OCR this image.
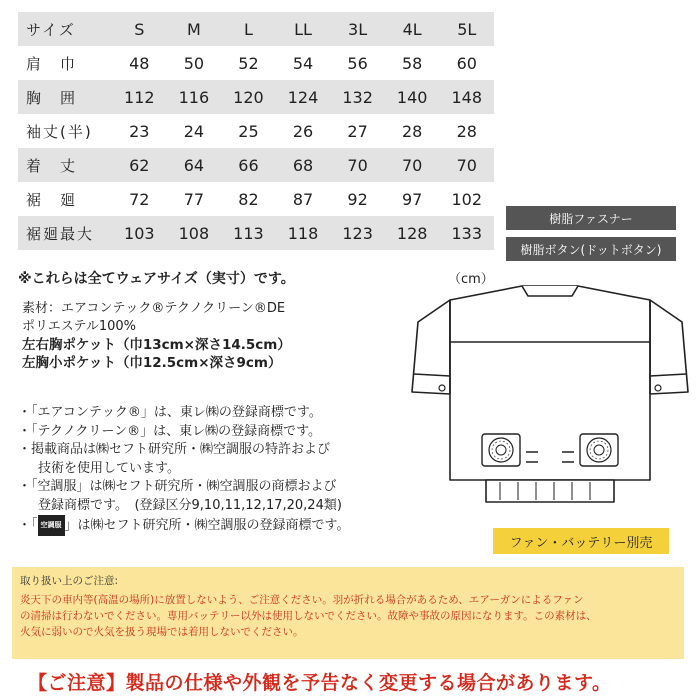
サイズ	S	M	L	LL	3L	4L	5L
肩　巾	48	50	52	54	56	58	60
胸　囲	112	116	120	124	132	140	148
袖丈(半)	23	24	25	26	27	28	28
着　丈	62	64	66	68	70	70	70
裾　廻	72	77	82	87	92	97	102
裾廻最大	103	108	113	118	123	128	133
樹脂ファスナー
樹脂ボタン(ドットボタン)
※これらは全てウェアサイズ（実寸）です。	（cm）
素材：エアコンテック®テクノクリーン®DE
ポリエステル100%
左右胸ポケット（巾13cm×深さ14.5cm）
左胸小ポケット（巾12.5cm×深さ9cm）
・「エアコンテック®」は、東レ㈱の登録商標です。
・「テクノクリーン®」は、東レ㈱の登録商標です。
・掲載商品は㈱セフト研究所・㈱空調服の特許および
技術を使用しています。
・「空調服」は㈱セフト研究所・㈱空調服の商標および
登録商標です。　(登録区分9,10,11,12,17,20,24類)
・「 空調服 」は㈱セフト研究所・㈱空調服の登録商標です。
ファン・バッテリー別売
取り扱い上のご注意:
炎天下の車内等(高温の場所)に放置しないよう、ご注意ください。羽が折れる場合があるため、エアーガンによるファン
の清掃は行わないでください。専用バッテリー以外は使用しないでください。故障や事故の原因になります。この素材は、
火気に弱いので火気を扱う現場では着用しないでください。
【ご注意】製品の仕様や外観を予告なく変更する場合があります。
